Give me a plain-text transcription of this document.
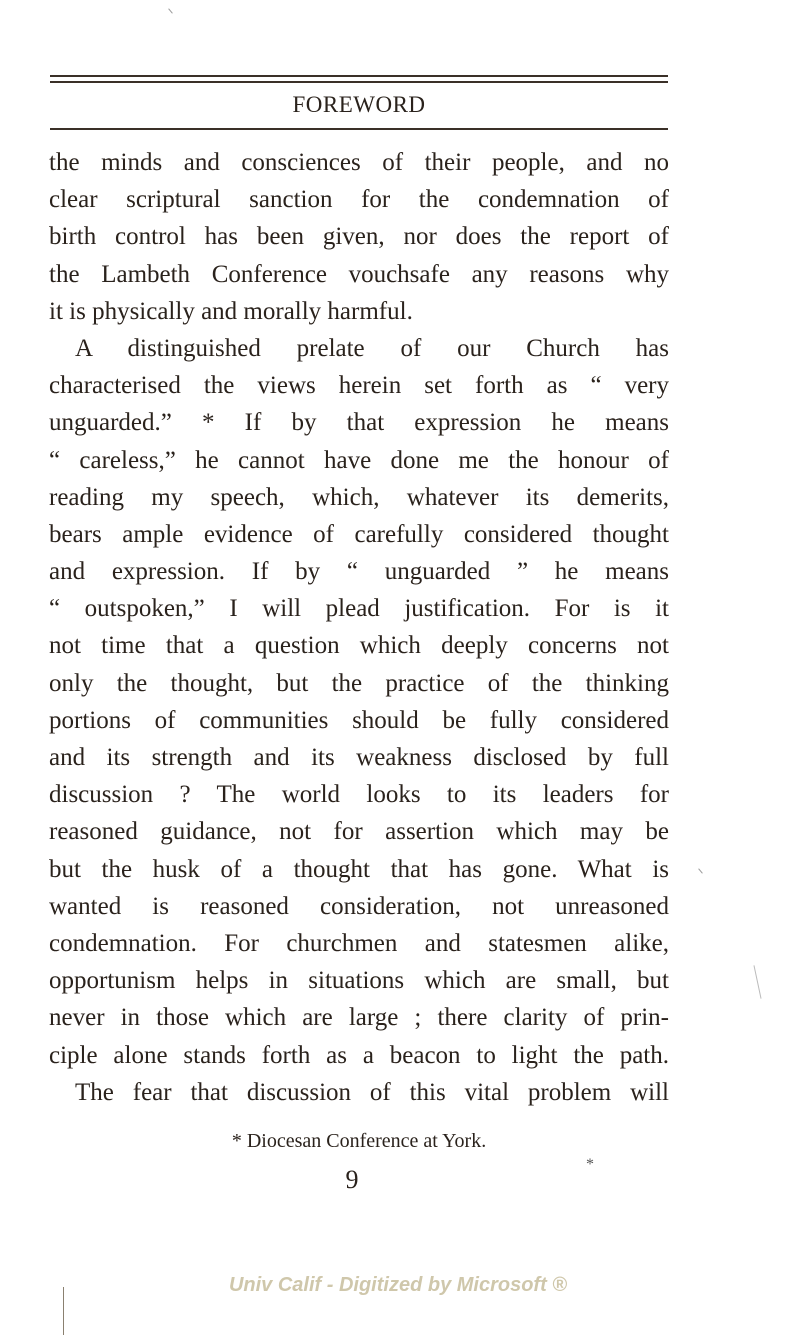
FOREWORD
the minds and consciences of their people, and no
clear scriptural sanction for the condemnation of
birth control has been given, nor does the report of
the Lambeth Conference vouchsafe any reasons why
it is physically and morally harmful.
A distinguished prelate of our Church has
characterised the views herein set forth as “ very
unguarded.” * If by that expression he means
“ careless,” he cannot have done me the honour of
reading my speech, which, whatever its demerits,
bears ample evidence of carefully considered thought
and expression. If by “ unguarded ” he means
“ outspoken,” I will plead justification. For is it
not time that a question which deeply concerns not
only the thought, but the practice of the thinking
portions of communities should be fully considered
and its strength and its weakness disclosed by full
discussion ? The world looks to its leaders for
reasoned guidance, not for assertion which may be
but the husk of a thought that has gone. What is
wanted is reasoned consideration, not unreasoned
condemnation. For churchmen and statesmen alike,
opportunism helps in situations which are small, but
never in those which are large ; there clarity of prin-
ciple alone stands forth as a beacon to light the path.
The fear that discussion of this vital problem will
* Diocesan Conference at York.
9
*
Univ Calif - Digitized by Microsoft ®
